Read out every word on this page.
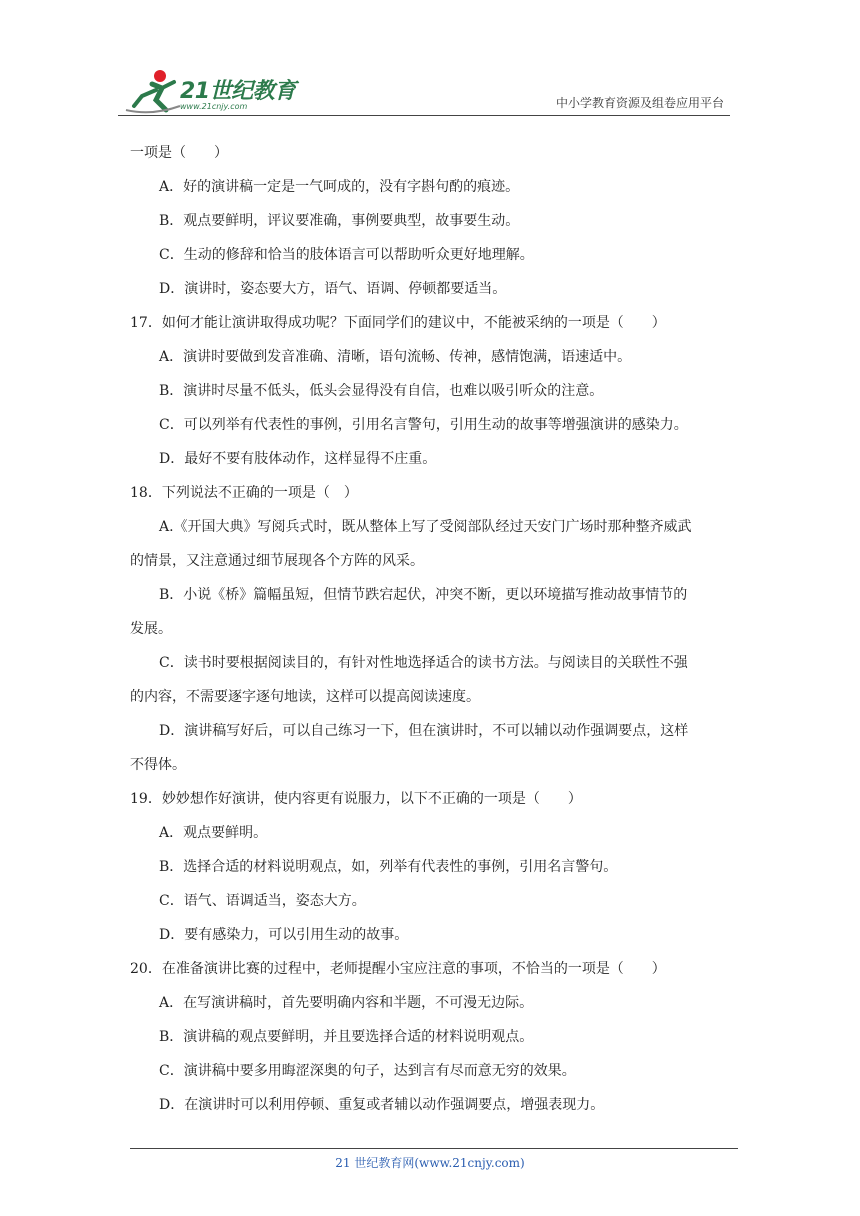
21世纪教育
www.21cnjy.com	中小学教育资源及组卷应用平台
一项是（　　）
A．好的演讲稿一定是一气呵成的，没有字斟句酌的痕迹。
B．观点要鲜明，评议要准确，事例要典型，故事要生动。
C．生动的修辞和恰当的肢体语言可以帮助听众更好地理解。
D．演讲时，姿态要大方，语气、语调、停顿都要适当。
17．如何才能让演讲取得成功呢？下面同学们的建议中，不能被采纳的一项是（　　）
A．演讲时要做到发音准确、清晰，语句流畅、传神，感情饱满，语速适中。
B．演讲时尽量不低头，低头会显得没有自信，也难以吸引听众的注意。
C．可以列举有代表性的事例，引用名言警句，引用生动的故事等增强演讲的感染力。
D．最好不要有肢体动作，这样显得不庄重。
18．下列说法不正确的一项是（　）
A.《开国大典》写阅兵式时，既从整体上写了受阅部队经过天安门广场时那种整齐威武
的情景，又注意通过细节展现各个方阵的风采。
B．小说《桥》篇幅虽短，但情节跌宕起伏，冲突不断，更以环境描写推动故事情节的
发展。
C．读书时要根据阅读目的，有针对性地选择适合的读书方法。与阅读目的关联性不强
的内容，不需要逐字逐句地读，这样可以提高阅读速度。
D．演讲稿写好后，可以自己练习一下，但在演讲时，不可以辅以动作强调要点，这样
不得体。
19．妙妙想作好演讲，使内容更有说服力，以下不正确的一项是（　　）
A．观点要鲜明。
B．选择合适的材料说明观点，如，列举有代表性的事例，引用名言警句。
C．语气、语调适当，姿态大方。
D．要有感染力，可以引用生动的故事。
20．在准备演讲比赛的过程中，老师提醒小宝应注意的事项，不恰当的一项是（　　）
A．在写演讲稿时，首先要明确内容和半题，不可漫无边际。
B．演讲稿的观点要鲜明，并且要选择合适的材料说明观点。
C．演讲稿中要多用晦涩深奥的句子，达到言有尽而意无穷的效果。
D．在演讲时可以利用停顿、重复或者辅以动作强调要点，增强表现力。
21 世纪教育网(www.21cnjy.com)
